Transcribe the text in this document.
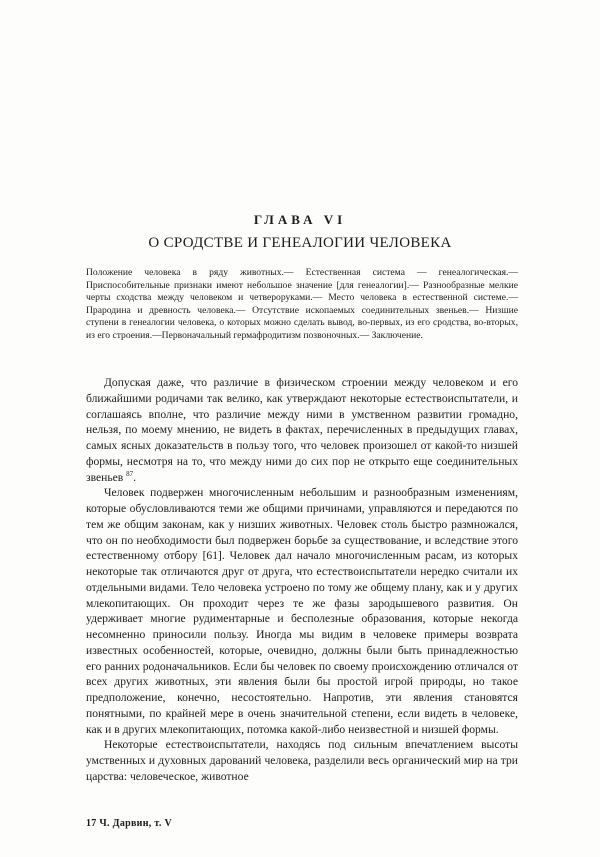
ГЛАВА VI
О СРОДСТВЕ И ГЕНЕАЛОГИИ ЧЕЛОВЕКА

Положение человека в ряду животных.— Естественная система — генеалогическая.— Приспособительные признаки имеют небольшое значение [для генеалогии].— Разнообразные мелкие черты сходства между человеком и четвероруками.— Место человека в естественной системе.— Прародина и древность человека.— Отсутствие ископаемых соединительных звеньев.— Низшие ступени в генеалогии человека, о которых можно сделать вывод, во-первых, из его сродства, во-вторых, из его строения.—Первоначальный гермафродитизм позвоночных.— Заключение.

Допуская даже, что различие в физическом строении между человеком и его ближайшими родичами так велико, как утверждают некоторые естествоиспытатели, и соглашаясь вполне, что различие между ними в умственном развитии громадно, нельзя, по моему мнению, не видеть в фактах, перечисленных в предыдущих главах, самых ясных доказательств в пользу того, что человек произошел от какой-то низшей формы, несмотря на то, что между ними до сих пор не открыто еще соединительных звеньев $^{87}$.

Человек подвержен многочисленным небольшим и разнообразным изменениям, которые обусловливаются теми же общими причинами, управляются и передаются по тем же общим законам, как у низших животных. Человек столь быстро размножался, что он по необходимости был подвержен борьбе за существование, и вследствие этого естественному отбору [61]. Человек дал начало многочисленным расам, из которых некоторые так отличаются друг от друга, что естествоиспытатели нередко считали их отдельными видами. Тело человека устроено по тому же общему плану, как и у других млекопитающих. Он проходит через те же фазы зародышевого развития. Он удерживает многие рудиментарные и бесполезные образования, которые некогда несомненно приносили пользу. Иногда мы видим в человеке примеры возврата известных особенностей, которые, очевидно, должны были быть принадлежностью его ранних родоначальников. Если бы человек по своему происхождению отличался от всех других животных, эти явления были бы простой игрой природы, но такое предположение, конечно, несостоятельно. Напротив, эти явления становятся понятными, по крайней мере в очень значительной степени, если видеть в человеке, как и в других млекопитающих, потомка какой-либо неизвестной и низшей формы.

Некоторые естествоиспытатели, находясь под сильным впечатлением высоты умственных и духовных дарований человека, разделили весь органический мир на три царства: человеческое, животное

17 Ч. Дарвин, т. V
